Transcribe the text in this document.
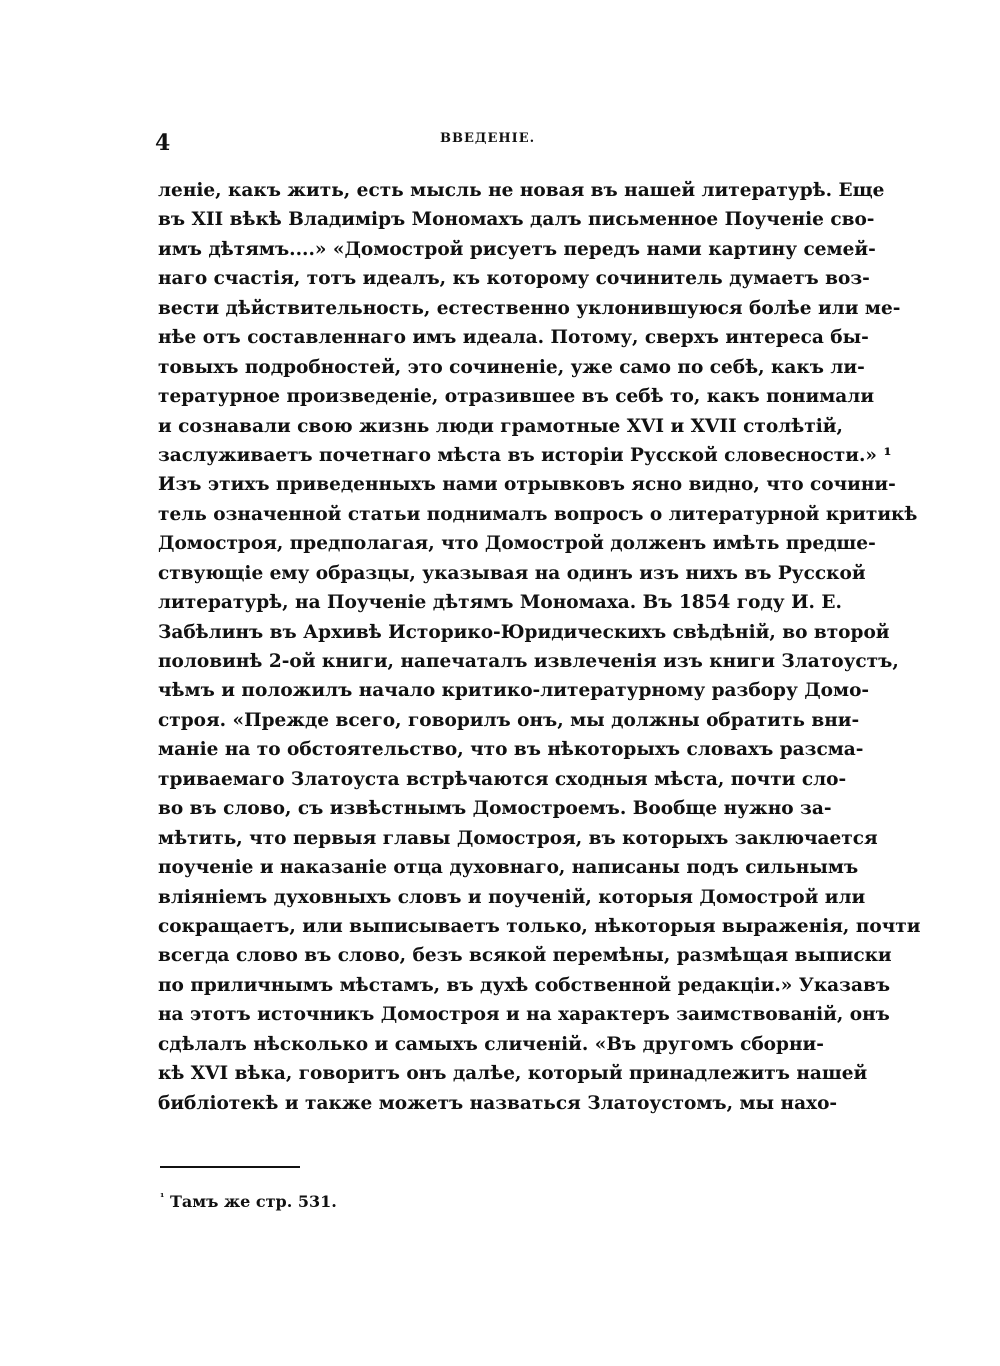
4	ВВЕДЕНІЕ.
леніе, какъ жить, есть мысль не новая въ нашей литературѣ. Еще
въ XII вѣкѣ Владиміръ Мономахъ далъ письменное Поученіе сво-
имъ дѣтямъ....» «Домострой рисуетъ передъ нами картину семей-
наго счастія, тотъ идеалъ, къ которому сочинитель думаетъ воз-
вести дѣйствительность, естественно уклонившуюся болѣе или ме-
нѣе отъ составленнаго имъ идеала. Потому, сверхъ интереса бы-
товыхъ подробностей, это сочиненіе, уже само по себѣ, какъ ли-
тературное произведеніе, отразившее въ себѣ то, какъ понимали
и сознавали свою жизнь люди грамотные XVI и XVII столѣтій,
заслуживаетъ почетнаго мѣста въ исторіи Русской словесности.» ¹
Изъ этихъ приведенныхъ нами отрывковъ ясно видно, что сочини-
тель означенной статьи поднималъ вопросъ о литературной критикѣ
Домостроя, предполагая, что Домострой долженъ имѣть предше-
ствующіе ему образцы, указывая на одинъ изъ нихъ въ Русской
литературѣ, на Поученіе дѣтямъ Мономаха. Въ 1854 году И. Е.
Забѣлинъ въ Архивѣ Историко-Юридическихъ свѣдѣній, во второй
половинѣ 2-ой книги, напечаталъ извлеченія изъ книги Златоустъ,
чѣмъ и положилъ начало критико-литературному разбору Домо-
строя. «Прежде всего, говорилъ онъ, мы должны обратить вни-
маніе на то обстоятельство, что въ нѣкоторыхъ словахъ разсма-
триваемаго Златоуста встрѣчаются сходныя мѣста, почти сло-
во въ слово, съ извѣстнымъ Домостроемъ. Вообще нужно за-
мѣтить, что первыя главы Домостроя, въ которыхъ заключается
поученіе и наказаніе отца духовнаго, написаны подъ сильнымъ
вліяніемъ духовныхъ словъ и поученій, которыя Домострой или
сокращаетъ, или выписываетъ только, нѣкоторыя выраженія, почти
всегда слово въ слово, безъ всякой перемѣны, размѣщая выписки
по приличнымъ мѣстамъ, въ духѣ собственной редакціи.» Указавъ
на этотъ источникъ Домостроя и на характеръ заимствованій, онъ
сдѣлалъ нѣсколько и самыхъ сличеній. «Въ другомъ сборни-
кѣ XVI вѣка, говоритъ онъ далѣе, который принадлежитъ нашей
библіотекѣ и также можетъ назваться Златоустомъ, мы нахо-

$^{^1}$ Тамъ же стр. 531.
